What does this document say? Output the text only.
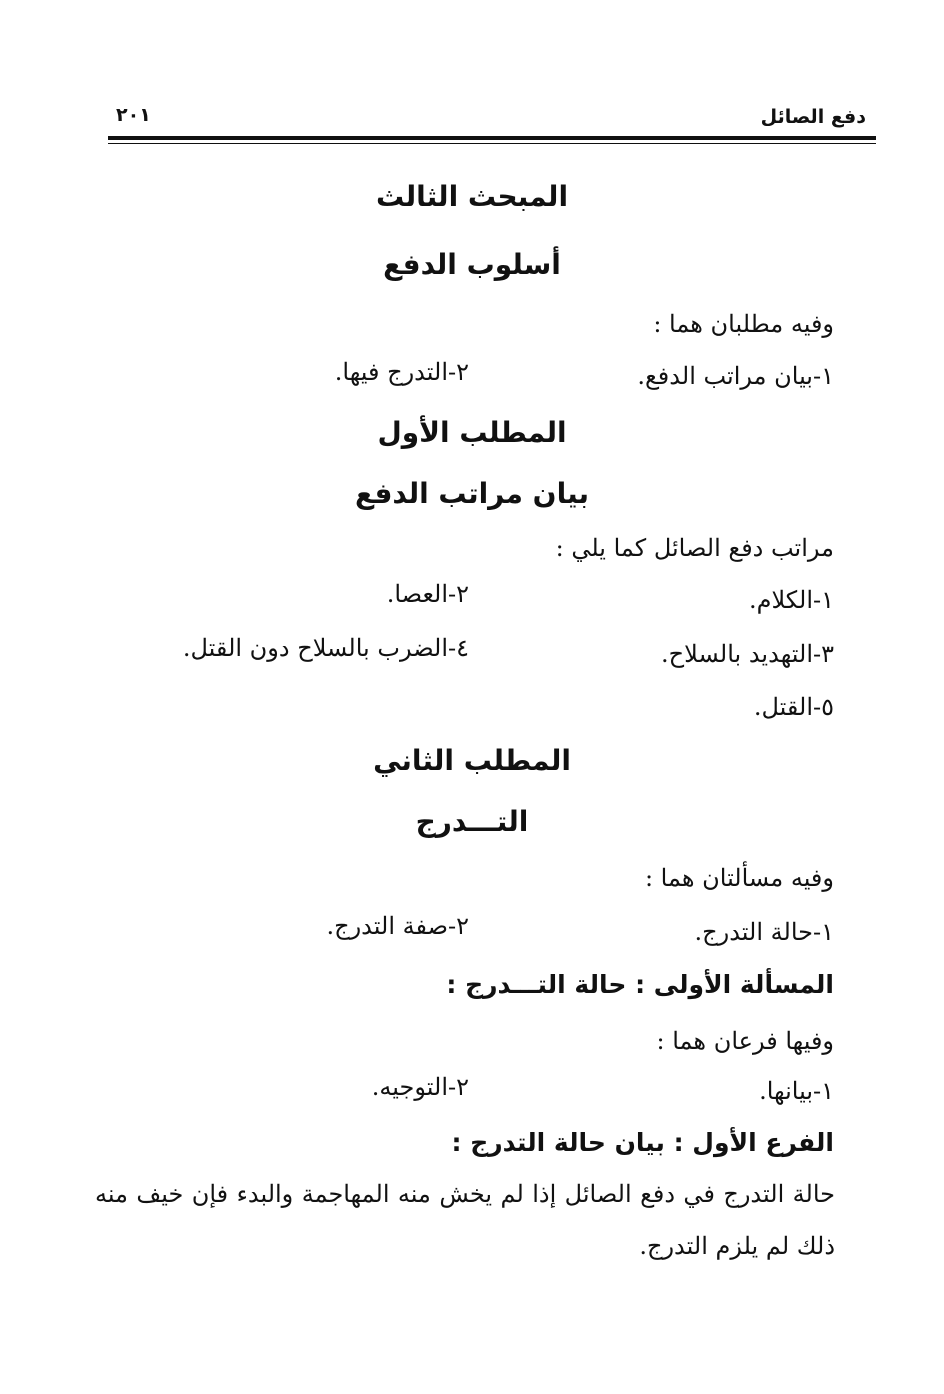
دفع الصائل
٢٠١
المبحث الثالث
أسلوب الدفع
وفيه مطلبان هما :
١-بيان مراتب الدفع.
٢-التدرج فيها.
المطلب الأول
بيان مراتب الدفع
مراتب دفع الصائل كما يلي :
١-الكلام.
٢-العصا.
٣-التهديد بالسلاح.
٤-الضرب بالسلاح دون القتل.
٥-القتل.
المطلب الثاني
التـــدرج
وفيه مسألتان هما :
١-حالة التدرج.
٢-صفة التدرج.
المسألة الأولى : حالة التـــدرج :
وفيها فرعان هما :
١-بيانها.
٢-التوجيه.
الفرع الأول : بيان حالة التدرج :
حالة التدرج في دفع الصائل إذا لم يخش منه المهاجمة والبدء فإن خيف منه ذلك لم يلزم التدرج.
